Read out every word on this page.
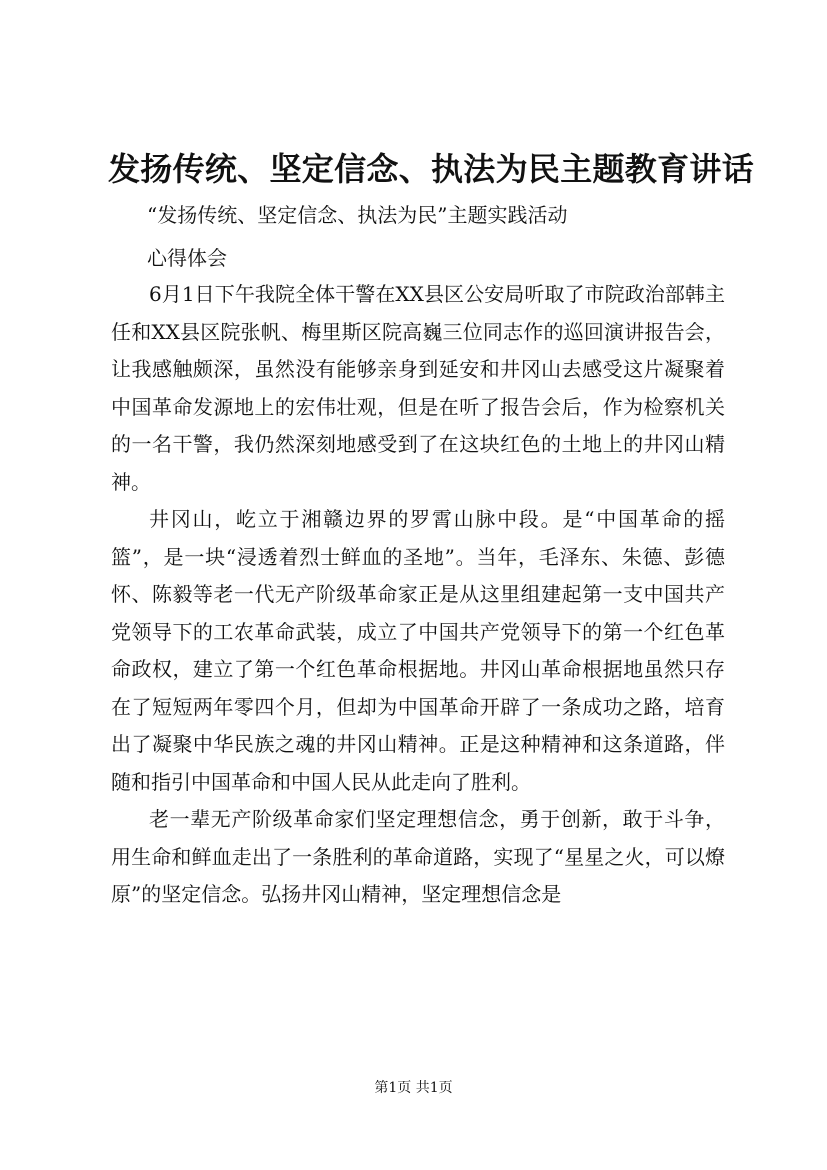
发扬传统、坚定信念、执法为民主题教育讲话
“发扬传统、坚定信念、执法为民”主题实践活动
心得体会

6月1日下午我院全体干警在XX县区公安局听取了市院政治部韩主任和XX县区院张帆、梅里斯区院高巍三位同志作的巡回演讲报告会，让我感触颇深，虽然没有能够亲身到延安和井冈山去感受这片凝聚着中国革命发源地上的宏伟壮观，但是在听了报告会后，作为检察机关的一名干警，我仍然深刻地感受到了在这块红色的土地上的井冈山精神。

井冈山，屹立于湘赣边界的罗霄山脉中段。是“中国革命的摇篮”，是一块“浸透着烈士鲜血的圣地”。当年，毛泽东、朱德、彭德怀、陈毅等老一代无产阶级革命家正是从这里组建起第一支中国共产党领导下的工农革命武装，成立了中国共产党领导下的第一个红色革命政权，建立了第一个红色革命根据地。井冈山革命根据地虽然只存在了短短两年零四个月，但却为中国革命开辟了一条成功之路，培育出了凝聚中华民族之魂的井冈山精神。正是这种精神和这条道路，伴随和指引中国革命和中国人民从此走向了胜利。

老一辈无产阶级革命家们坚定理想信念，勇于创新，敢于斗争，用生命和鲜血走出了一条胜利的革命道路，实现了“星星之火，可以燎原”的坚定信念。弘扬井冈山精神，坚定理想信念是

第1页 共1页
